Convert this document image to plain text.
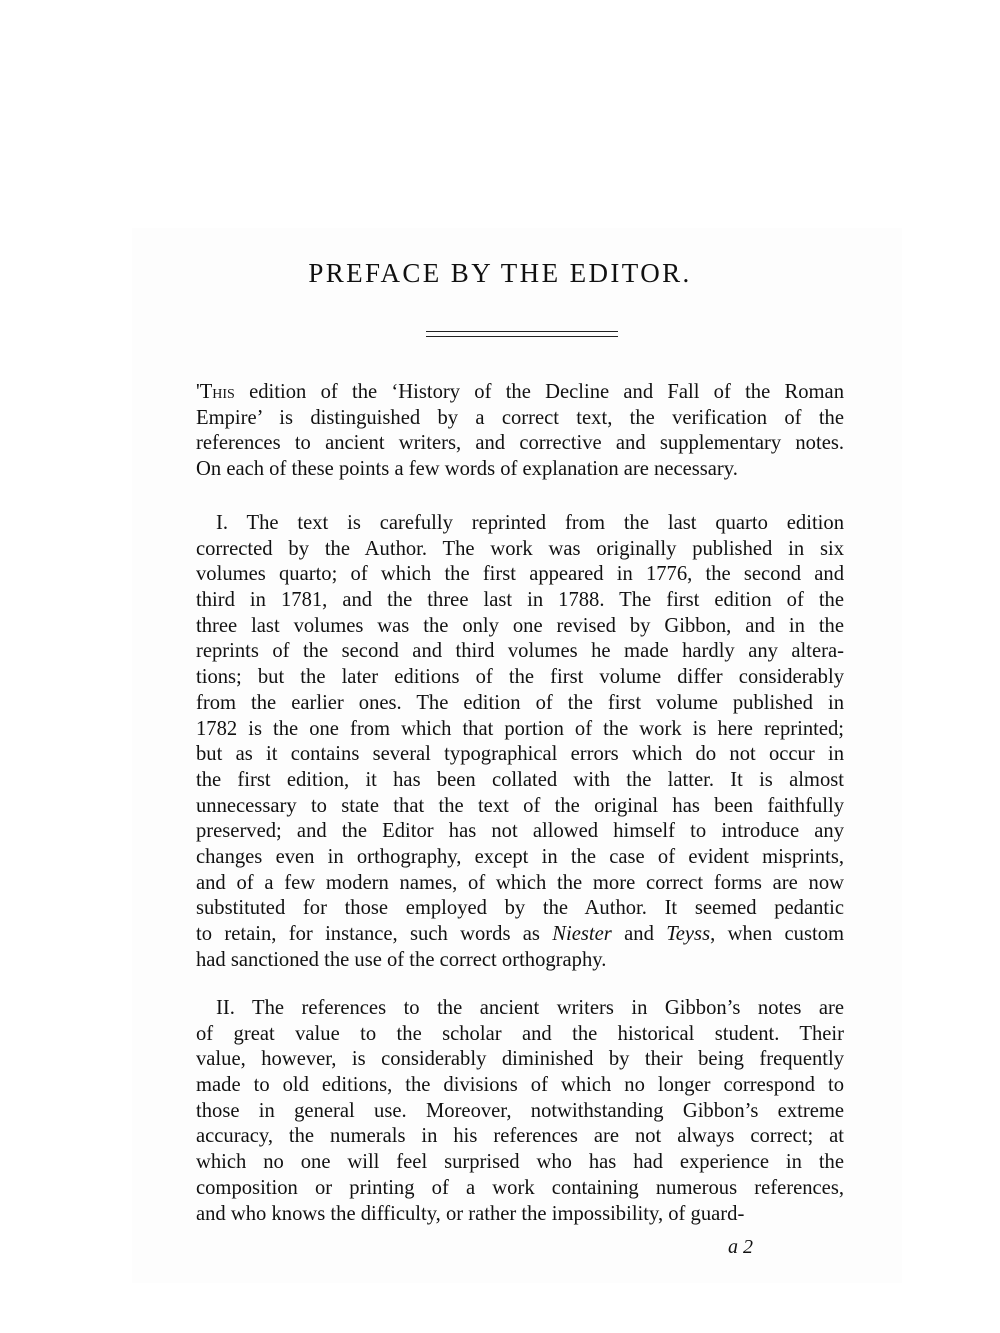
PREFACE BY THE EDITOR.
'This edition of the ‘History of the Decline and Fall of the Roman
Empire’ is distinguished by a correct text, the verification of the
references to ancient writers, and corrective and supplementary notes.
On each of these points a few words of explanation are necessary.
I. The text is carefully reprinted from the last quarto edition
corrected by the Author. The work was originally published in six
volumes quarto; of which the first appeared in 1776, the second and
third in 1781, and the three last in 1788. The first edition of the
three last volumes was the only one revised by Gibbon, and in the
reprints of the second and third volumes he made hardly any altera-
tions; but the later editions of the first volume differ considerably
from the earlier ones. The edition of the first volume published in
1782 is the one from which that portion of the work is here reprinted;
but as it contains several typographical errors which do not occur in
the first edition, it has been collated with the latter. It is almost
unnecessary to state that the text of the original has been faithfully
preserved; and the Editor has not allowed himself to introduce any
changes even in orthography, except in the case of evident misprints,
and of a few modern names, of which the more correct forms are now
substituted for those employed by the Author. It seemed pedantic
to retain, for instance, such words as Niester and Teyss, when custom
had sanctioned the use of the correct orthography.
II. The references to the ancient writers in Gibbon’s notes are
of great value to the scholar and the historical student. Their
value, however, is considerably diminished by their being frequently
made to old editions, the divisions of which no longer correspond to
those in general use. Moreover, notwithstanding Gibbon’s extreme
accuracy, the numerals in his references are not always correct; at
which no one will feel surprised who has had experience in the
composition or printing of a work containing numerous references,
and who knows the difficulty, or rather the impossibility, of guard-

a 2
